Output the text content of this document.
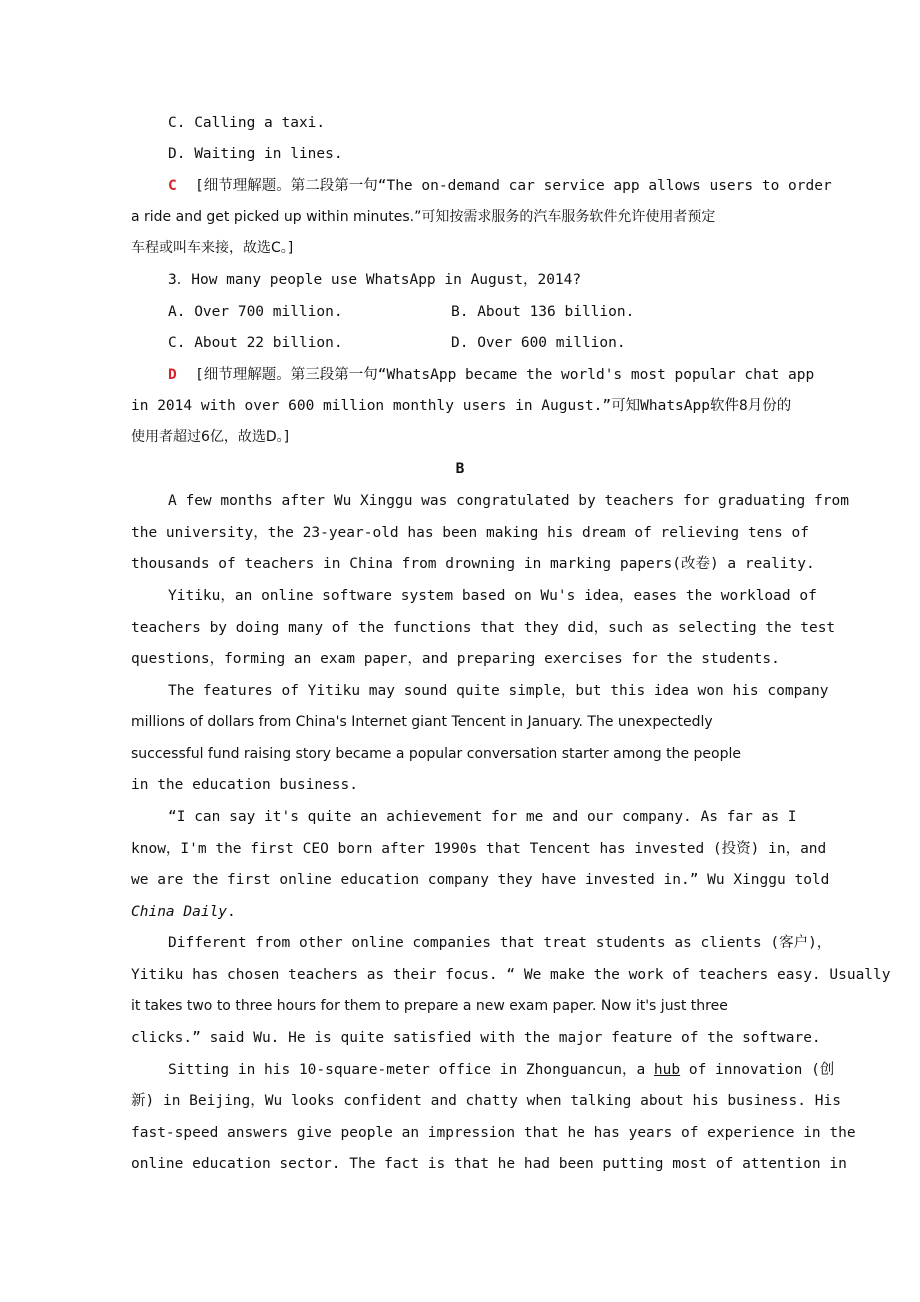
C. Calling a taxi.
D. Waiting in lines.
C [细节理解题。第二段第一句“The on-demand car service app allows users to order
a ride and get picked up within minutes.”可知按需求服务的汽车服务软件允许使用者预定
车程或叫车来接，故选C。]
3．How many people use WhatsApp in August，2014?
A. Over 700 million.	B. About 136 billion.
C. About 22 billion.	D. Over 600 million.
D [细节理解题。第三段第一句“WhatsApp became the world's most popular chat app
in 2014 with over 600 million monthly users in August.”可知WhatsApp软件8月份的
使用者超过6亿，故选D。]
B
A few months after Wu Xinggu was congratulated by teachers for graduating from
the university，the 23-year-old has been making his dream of relieving tens of
thousands of teachers in China from drowning in marking papers(改卷) a reality.
Yitiku，an online software system based on Wu's idea，eases the workload of
teachers by doing many of the functions that they did，such as selecting the test
questions，forming an exam paper，and preparing exercises for the students.
The features of Yitiku may sound quite simple，but this idea won his company
millions of dollars from China's Internet giant Tencent in January. The unexpectedly
successful fund raising story became a popular conversation starter among the people
in the education business.
“I can say it's quite an achievement for me and our company. As far as I
know，I'm the first CEO born after 1990s that Tencent has invested (投资) in，and
we are the first online education company they have invested in.” Wu Xinggu told
China Daily.
Different from other online companies that treat students as clients (客户)，
Yitiku has chosen teachers as their focus. “ We make the work of teachers easy. Usually
it takes two to three hours for them to prepare a new exam paper. Now it's just three
clicks.” said Wu. He is quite satisfied with the major feature of the software.
Sitting in his 10-square-meter office in Zhonguancun，a hub of innovation (创
新) in Beijing，Wu looks confident and chatty when talking about his business. His
fast-speed answers give people an impression that he has years of experience in the
online education sector. The fact is that he had been putting most of attention in
